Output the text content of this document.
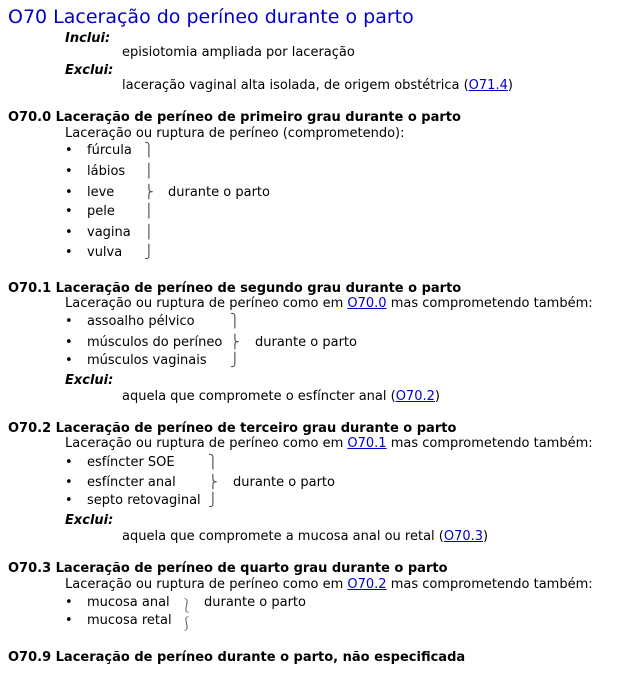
O70 Laceração do períneo durante o parto
Inclui:
episiotomia ampliada por laceração
Exclui:
laceração vaginal alta isolada, de origem obstétrica (O71.4)
O70.0 Laceração de períneo de primeiro grau durante o parto
Laceração ou ruptura de períneo (comprometendo):
• fúrcula
• lábios
• leve
• pele
• vagina
• vulva
⎫
⎪
⎬
⎪
⎪
⎭
durante o parto
O70.1 Laceração de períneo de segundo grau durante o parto
Laceração ou ruptura de períneo como em O70.0 mas comprometendo também:
• assoalho pélvico
• músculos do períneo
• músculos vaginais
⎫
⎬
⎭
durante o parto
Exclui:
aquela que compromete o esfíncter anal (O70.2)
O70.2 Laceração de períneo de terceiro grau durante o parto
Laceração ou ruptura de períneo como em O70.1 mas comprometendo também:
• esfíncter SOE
• esfíncter anal
• septo retovaginal
⎫
⎬
⎭
durante o parto
Exclui:
aquela que compromete a mucosa anal ou retal (O70.3)
O70.3 Laceração de períneo de quarto grau durante o parto
Laceração ou ruptura de períneo como em O70.2 mas comprometendo também:
• mucosa anal
• mucosa retal
⎱
⎰
durante o parto
O70.9 Laceração de períneo durante o parto, não especificada
